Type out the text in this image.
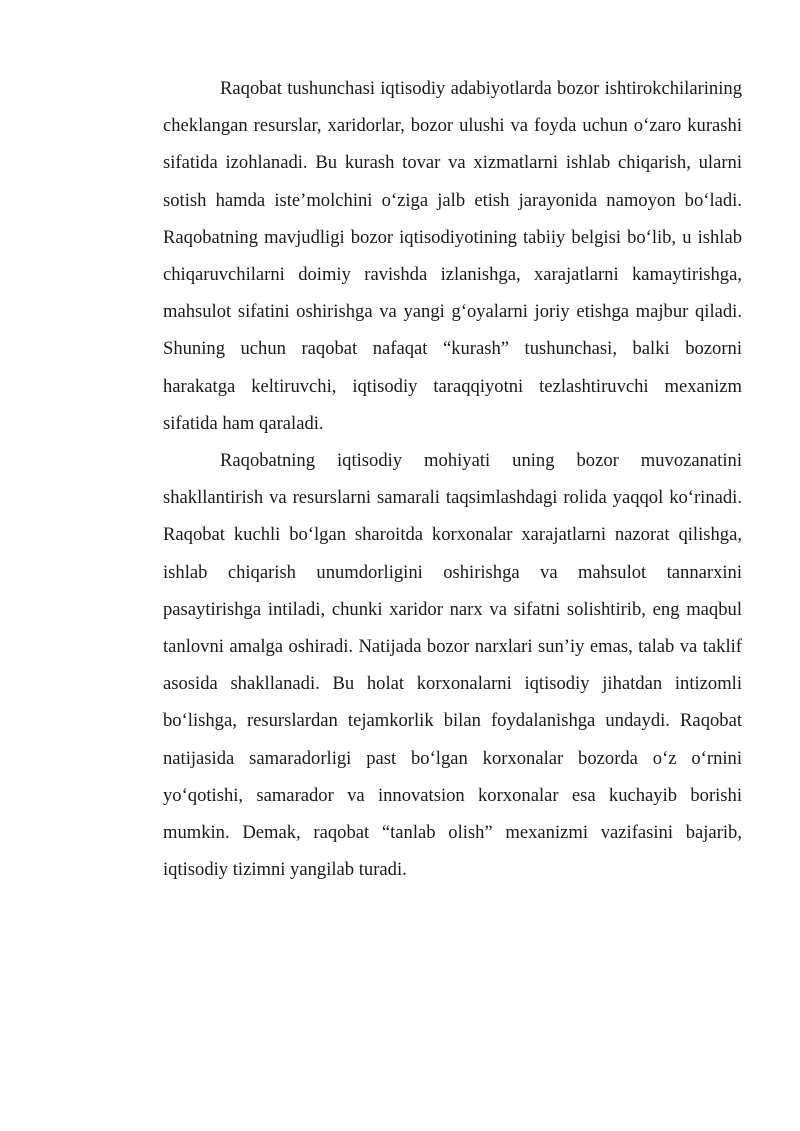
Raqobat tushunchasi iqtisodiy adabiyotlarda bozor ishtirokchilarining cheklangan resurslar, xaridorlar, bozor ulushi va foyda uchun o‘zaro kurashi sifatida izohlanadi. Bu kurash tovar va xizmatlarni ishlab chiqarish, ularni sotish hamda iste’molchini o‘ziga jalb etish jarayonida namoyon bo‘ladi. Raqobatning mavjudligi bozor iqtisodiyotining tabiiy belgisi bo‘lib, u ishlab chiqaruvchilarni doimiy ravishda izlanishga, xarajatlarni kamaytirishga, mahsulot sifatini oshirishga va yangi g‘oyalarni joriy etishga majbur qiladi. Shuning uchun raqobat nafaqat “kurash” tushunchasi, balki bozorni harakatga keltiruvchi, iqtisodiy taraqqiyotni tezlashtiruvchi mexanizm sifatida ham qaraladi.

Raqobatning iqtisodiy mohiyati uning bozor muvozanatini shakllantirish va resurslarni samarali taqsimlashdagi rolida yaqqol ko‘rinadi. Raqobat kuchli bo‘lgan sharoitda korxonalar xarajatlarni nazorat qilishga, ishlab chiqarish unumdorligini oshirishga va mahsulot tannarxini pasaytirishga intiladi, chunki xaridor narx va sifatni solishtirib, eng maqbul tanlovni amalga oshiradi. Natijada bozor narxlari sun’iy emas, talab va taklif asosida shakllanadi. Bu holat korxonalarni iqtisodiy jihatdan intizomli bo‘lishga, resurslardan tejamkorlik bilan foydalanishga undaydi. Raqobat natijasida samaradorligi past bo‘lgan korxonalar bozorda o‘z o‘rnini yo‘qotishi, samarador va innovatsion korxonalar esa kuchayib borishi mumkin. Demak, raqobat “tanlab olish” mexanizmi vazifasini bajarib, iqtisodiy tizimni yangilab turadi.
